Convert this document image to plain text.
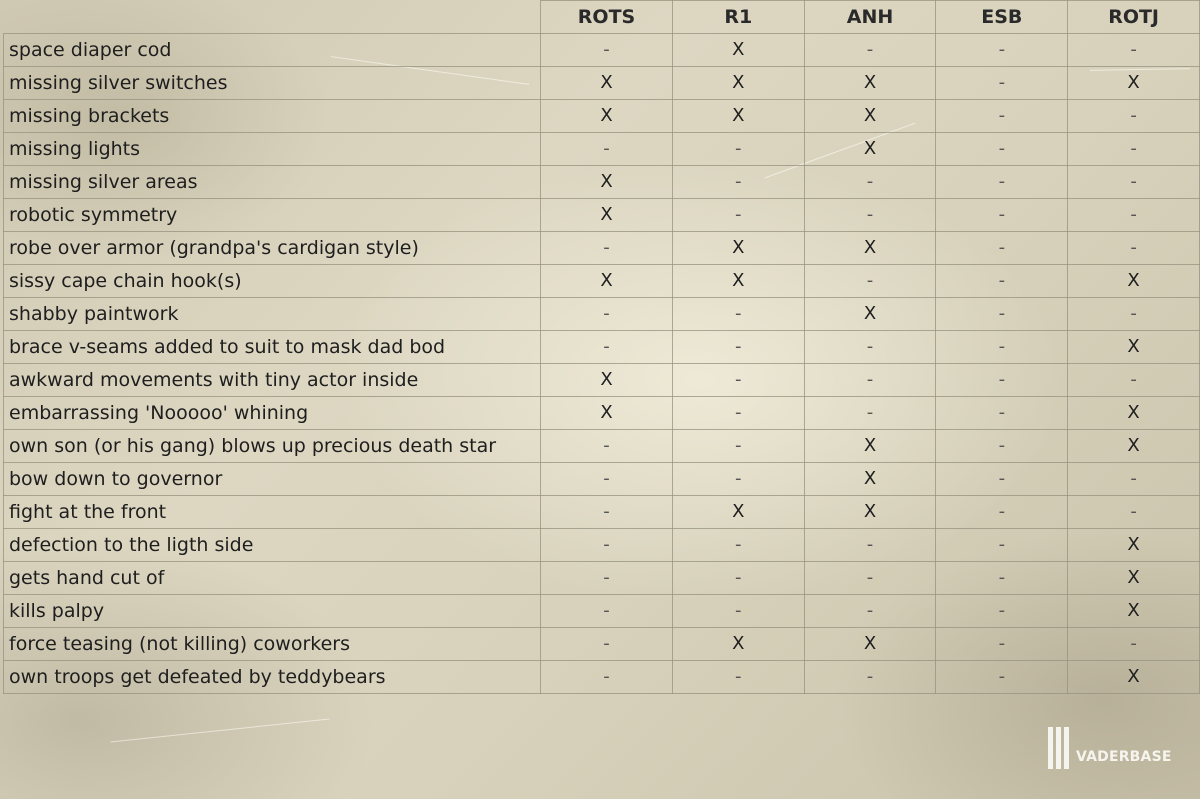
	ROTS	R1	ANH	ESB	ROTJ
space diaper cod	-	X	-	-	-
missing silver switches	X	X	X	-	X
missing brackets	X	X	X	-	-
missing lights	-	-	X	-	-
missing silver areas	X	-	-	-	-
robotic symmetry	X	-	-	-	-
robe over armor (grandpa's cardigan style)	-	X	X	-	-
sissy cape chain hook(s)	X	X	-	-	X
shabby paintwork	-	-	X	-	-
brace v-seams added to suit to mask dad bod	-	-	-	-	X
awkward movements with tiny actor inside	X	-	-	-	-
embarrassing 'Nooooo' whining	X	-	-	-	X
own son (or his gang) blows up precious death star	-	-	X	-	X
bow down to governor	-	-	X	-	-
fight at the front	-	X	X	-	-
defection to the ligth side	-	-	-	-	X
gets hand cut of	-	-	-	-	X
kills palpy	-	-	-	-	X
force teasing (not killing) coworkers	-	X	X	-	-
own troops get defeated by teddybears	-	-	-	-	X
VADERBASE
